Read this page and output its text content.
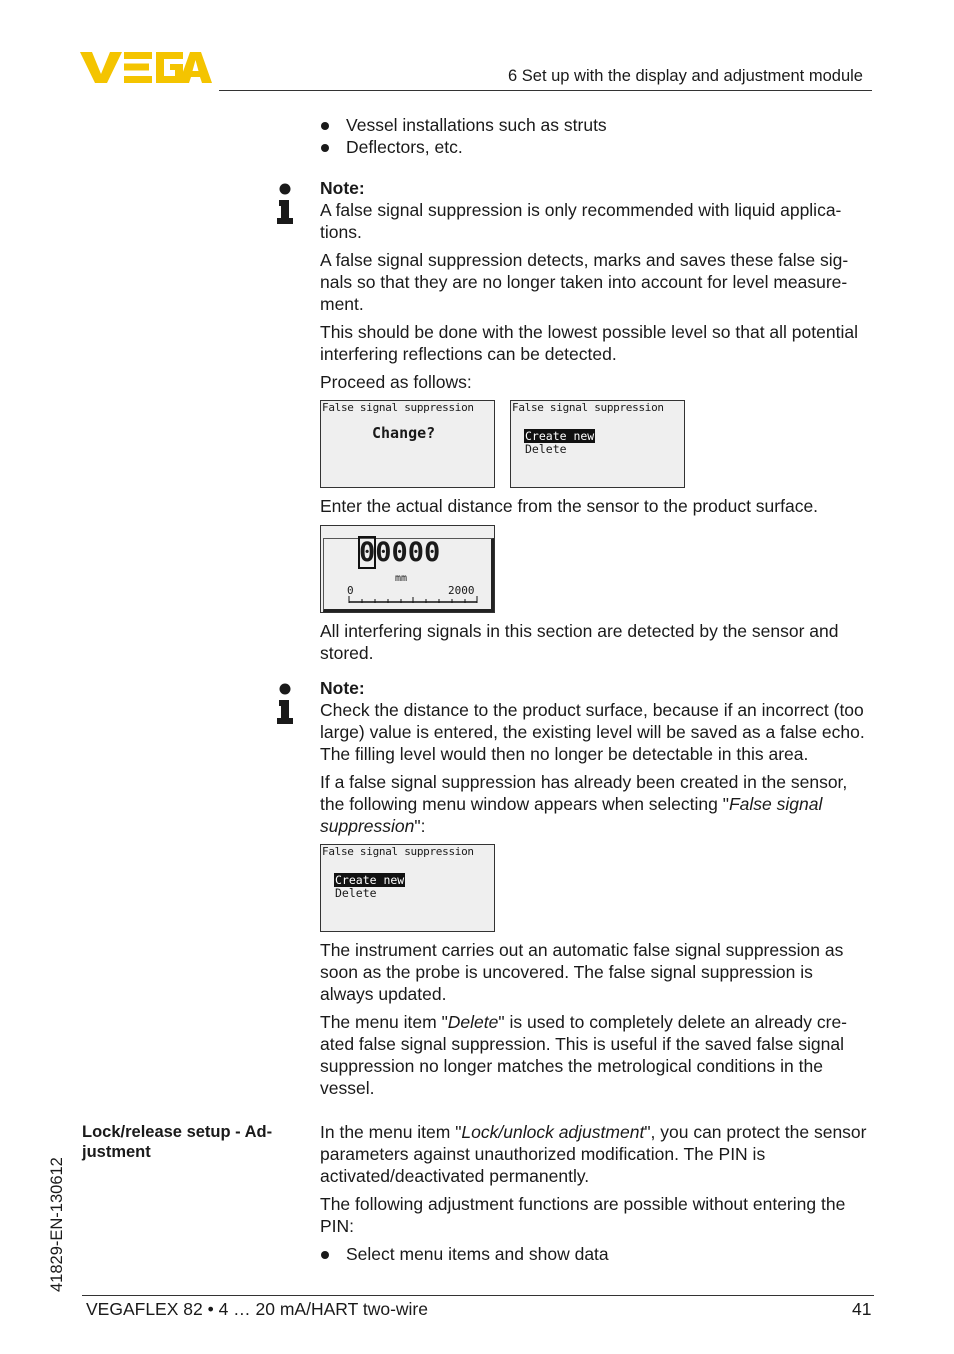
6 Set up with the display and adjustment module
Vessel installations such as struts
Deflectors, etc.

Note:

A false signal suppression is only recommended with liquid applica-tions.

A false signal suppression detects, marks and saves these false sig-nals so that they are no longer taken into account for level measure-ment.

This should be done with the lowest possible level so that all potential interfering reflections can be detected.

Proceed as follows:

False signal suppression
Change?
False signal suppression
Create new
Delete
Enter the actual distance from the sensor to the product surface.
00000
mm
0	2000
All interfering signals in this section are detected by the sensor and stored.

Note:

Check the distance to the product surface, because if an incorrect (too large) value is entered, the existing level will be saved as a false echo. The filling level would then no longer be detectable in this area.

If a false signal suppression has already been created in the sensor, the following menu window appears when selecting "False signal suppression":

False signal suppression
Create new
Delete
The instrument carries out an automatic false signal suppression as soon as the probe is uncovered. The false signal suppression is always updated.
The menu item "Delete" is used to completely delete an already cre-ated false signal suppression. This is useful if the saved false signal suppression no longer matches the metrological conditions in the vessel.
Lock/release setup - Ad-justment

In the menu item "Lock/unlock adjustment", you can protect the sensor parameters against unauthorized modification. The PIN is activated/deactivated permanently.

The following adjustment functions are possible without entering the PIN:

Select menu items and show data
41829-EN-130612
VEGAFLEX 82 • 4 … 20 mA/HART two-wire	41
